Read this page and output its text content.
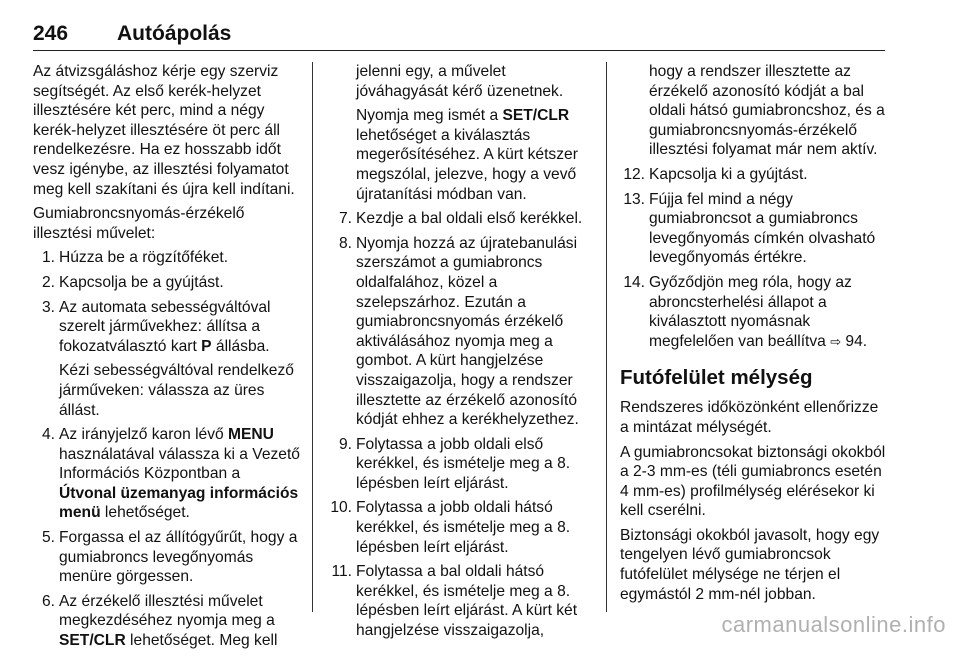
246 Autóápolás

Az átvizsgáláshoz kérje egy szerviz segítségét. Az első kerék-helyzet illesztésére két perc, mind a négy kerék-helyzet illesztésére öt perc áll rendelkezésre. Ha ez hosszabb időt vesz igénybe, az illesztési folyamatot meg kell szakítani és újra kell indítani.

Gumiabroncsnyomás-érzékelő illesztési művelet:

1. Húzza be a rögzítőféket.
2. Kapcsolja be a gyújtást.
3. Az automata sebességváltóval szerelt járművekhez: állítsa a fokozatválasztó kart P állásba.

Kézi sebességváltóval rendelkező járműveken: válassza az üres állást.

4. Az irányjelző karon lévő MENU használatával válassza ki a Vezető Információs Központban a Útvonal üzemanyag információs menü lehetőséget.
5. Forgassa el az állítógyűrűt, hogy a gumiabroncs levegőnyomás menüre görgessen.
6. Az érzékelő illesztési művelet megkezdéséhez nyomja meg a SET/CLR lehetőséget. Meg kell

jelenni egy, a művelet jóváhagyását kérő üzenetnek.

Nyomja meg ismét a SET/CLR lehetőséget a kiválasztás megerősítéséhez. A kürt kétszer megszólal, jelezve, hogy a vevő újratanítási módban van.

7. Kezdje a bal oldali első kerékkel.
8. Nyomja hozzá az újratebanulási szerszámot a gumiabroncs oldalfalához, közel a szelepszárhoz. Ezután a gumiabroncsnyomás érzékelő aktiválásához nyomja meg a gombot. A kürt hangjelzése visszaigazolja, hogy a rendszer illesztette az érzékelő azonosító kódját ehhez a kerékhelyzethez.
9. Folytassa a jobb oldali első kerékkel, és ismételje meg a 8. lépésben leírt eljárást.
10. Folytassa a jobb oldali hátsó kerékkel, és ismételje meg a 8. lépésben leírt eljárást.
11. Folytassa a bal oldali hátsó kerékkel, és ismételje meg a 8. lépésben leírt eljárást. A kürt két hangjelzése visszaigazolja,

hogy a rendszer illesztette az érzékelő azonosító kódját a bal oldali hátsó gumiabroncshoz, és a gumiabroncsnyomás-érzékelő illesztési folyamat már nem aktív.

12. Kapcsolja ki a gyújtást.
13. Fújja fel mind a négy gumiabroncsot a gumiabroncs levegőnyomás címkén olvasható levegőnyomás értékre.
14. Győződjön meg róla, hogy az abroncsterhelési állapot a kiválasztott nyomásnak megfelelően van beállítva ⇨ 94.
Futófelület mélység

Rendszeres időközönként ellenőrizze a mintázat mélységét.

A gumiabroncsokat biztonsági okokból a 2-3 mm-es (téli gumiabroncs esetén 4 mm-es) profilmélység elérésekor ki kell cserélni.

Biztonsági okokból javasolt, hogy egy tengelyen lévő gumiabroncsok futófelület mélysége ne térjen el egymástól 2 mm-nél jobban.

carmanualsonline.info
